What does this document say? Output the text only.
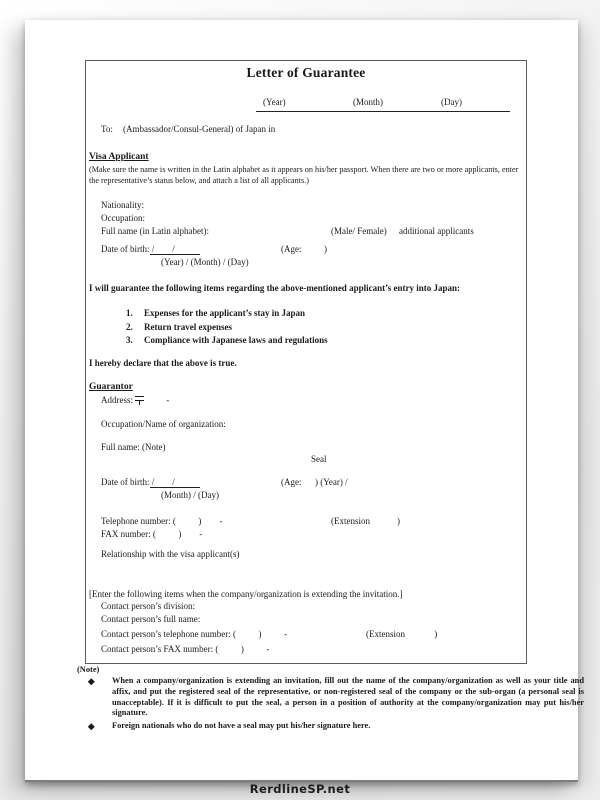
Letter of Guarantee
(Year)	(Month)	(Day)
To: (Ambassador/Consul-General) of Japan in
Visa Applicant
(Make sure the name is written in the Latin alphabet as it appears on his/her passport. When there are two or more applicants, enter the representative’s status below, and attach a list of all applicants.)
Nationality:
Occupation:
Full name (in Latin alphabet):	(Male/ Female) additional applicants
Date of birth: /        /	(Age:          )
(Year) / (Month) / (Day)
I will guarantee the following items regarding the above-mentioned applicant’s entry into Japan:
1. Expenses for the applicant’s stay in Japan
2. Return travel expenses
3. Compliance with Japanese laws and regulations
I hereby declare that the above is true.
Guarantor
Address:
-
Occupation/Name of organization:
Full name: (Note)
Seal
Date of birth: /        /	(Age:      ) (Year) /
(Month) / (Day)
Telephone number: (          )        -	(Extension            )
FAX number: (          )        -
Relationship with the visa applicant(s)
[Enter the following items when the company/organization is extending the invitation.]
Contact person’s division:
Contact person’s full name:
Contact person’s telephone number: (          )          -	(Extension             )
Contact person’s FAX number: (          )          -
(Note)
◆ When a company/organization is extending an invitation, fill out the name of the company/organization as well as your title and affix, and put the registered seal of the representative, or non-registered seal of the company or the sub-organ (a personal seal is unacceptable). If it is difficult to put the seal, a person in a position of authority at the company/organization may put his/her signature.
◆ Foreign nationals who do not have a seal may put his/her signature here.
RerdlineSP.net
